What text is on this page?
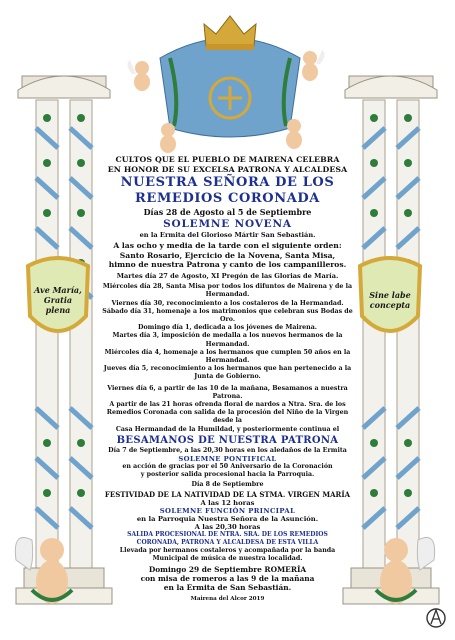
Ave María,
Gratia plena
Sine labe
concepta
CULTOS QUE EL PUEBLO DE MAIRENA CELEBRA
EN HONOR DE SU EXCELSA PATRONA Y ALCALDESA
NUESTRA SEÑORA DE LOS
REMEDIOS CORONADA
Días 28 de Agosto al 5 de Septiembre
SOLEMNE NOVENA
en la Ermita del Glorioso Mártir San Sebastián.
A las ocho y media de la tarde con el siguiente orden:
Santo Rosario, Ejercicio de la Novena, Santa Misa,
himno de nuestra Patrona y canto de los campanilleros.
Martes día 27 de Agosto, XI Pregón de las Glorias de María.
Miércoles día 28, Santa Misa por todos los difuntos de Mairena y de la Hermandad.
Viernes día 30, reconocimiento a los costaleros de la Hermandad.
Sábado día 31, homenaje a los matrimonios que celebran sus Bodas de Oro.
Domingo día 1, dedicada a los jóvenes de Mairena.
Martes día 3, imposición de medalla a los nuevos hermanos de la Hermandad.
Miércoles día 4, homenaje a los hermanos que cumplen 50 años en la Hermandad.
Jueves día 5, reconocimiento a los hermanos que han pertenecido a la Junta de Gobierno.
Viernes día 6, a partir de las 10 de la mañana, Besamanos a nuestra Patrona.
A partir de las 21 horas ofrenda floral de nardos a Ntra. Sra. de los
Remedios Coronada con salida de la procesión del Niño de la Virgen desde la
Casa Hermandad de la Humildad, y posteriormente continua el
BESAMANOS DE NUESTRA PATRONA
Día 7 de Septiembre, a las 20,30 horas en los aledaños de la Ermita
SOLEMNE PONTIFICAL
en acción de gracias por el 50 Aniversario de la Coronación
y posterior salida procesional hacia la Parroquia.
Día 8 de Septiembre
FESTIVIDAD DE LA NATIVIDAD DE LA STMA. VIRGEN MARÍA
A las 12 horas
SOLEMNE FUNCIÓN PRINCIPAL
en la Parroquia Nuestra Señora de la Asunción.
A las 20,30 horas
SALIDA PROCESIONAL DE NTRA. SRA. DE LOS REMEDIOS
CORONADA, PATRONA Y ALCALDESA DE ESTA VILLA
Llevada por hermanos costaleros y acompañada por la banda
Municipal de música de nuestra localidad.
Domingo 29 de Septiembre ROMERÍA
con misa de romeros a las 9 de la mañana
en la Ermita de San Sebastián.
Mairena del Alcor 2019
